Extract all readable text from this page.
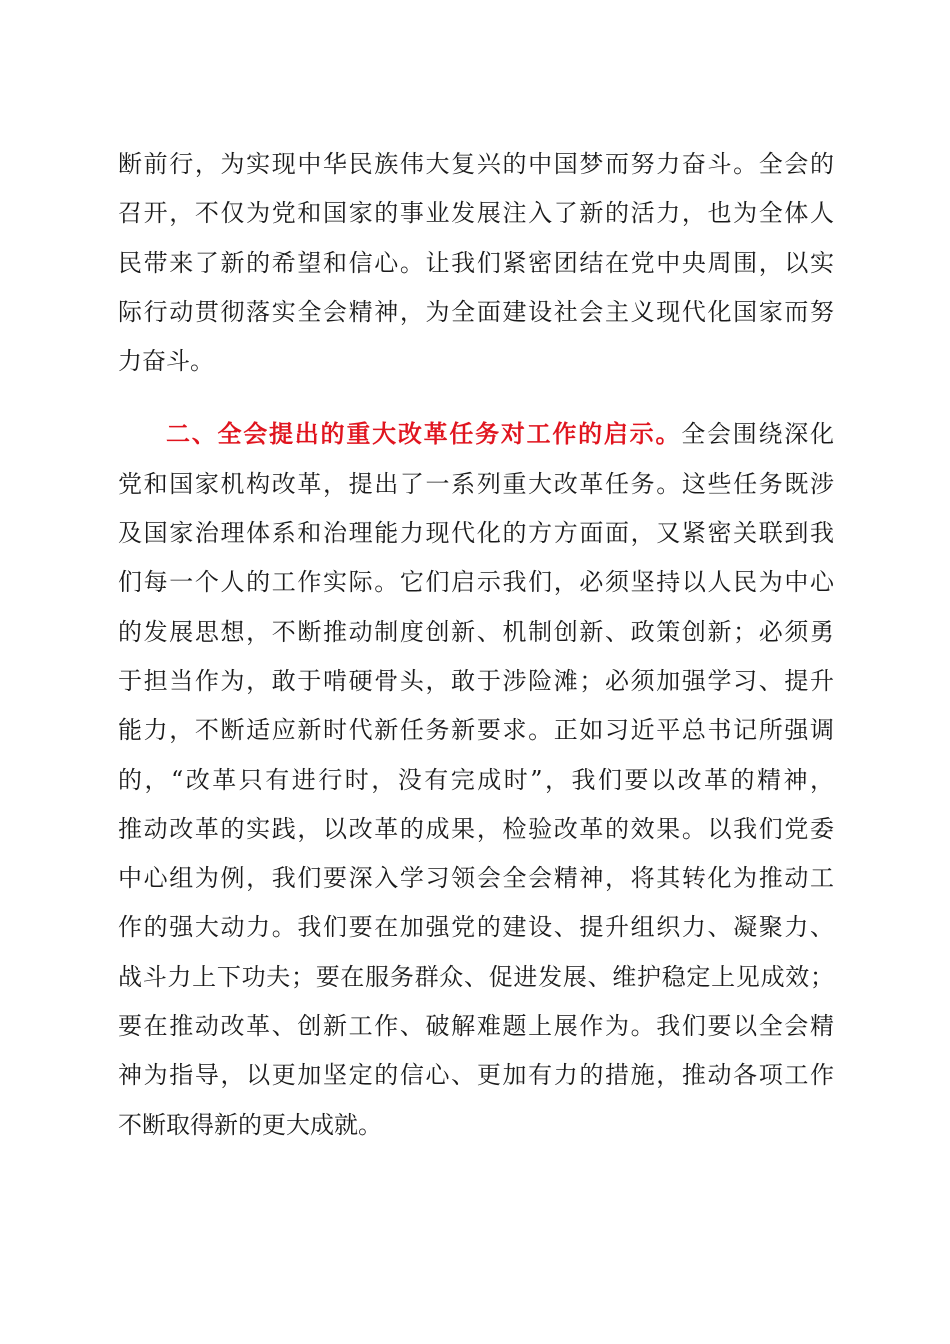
断前行，为实现中华民族伟大复兴的中国梦而努力奋斗。全会的
召开，不仅为党和国家的事业发展注入了新的活力，也为全体人
民带来了新的希望和信心。让我们紧密团结在党中央周围，以实
际行动贯彻落实全会精神，为全面建设社会主义现代化国家而努
力奋斗。
二、全会提出的重大改革任务对工作的启示。全会围绕深化
党和国家机构改革，提出了一系列重大改革任务。这些任务既涉
及国家治理体系和治理能力现代化的方方面面，又紧密关联到我
们每一个人的工作实际。它们启示我们，必须坚持以人民为中心
的发展思想，不断推动制度创新、机制创新、政策创新；必须勇
于担当作为，敢于啃硬骨头，敢于涉险滩；必须加强学习、提升
能力，不断适应新时代新任务新要求。正如习近平总书记所强调
的，“改革只有进行时，没有完成时”，我们要以改革的精神，
推动改革的实践，以改革的成果，检验改革的效果。以我们党委
中心组为例，我们要深入学习领会全会精神，将其转化为推动工
作的强大动力。我们要在加强党的建设、提升组织力、凝聚力、
战斗力上下功夫；要在服务群众、促进发展、维护稳定上见成效；
要在推动改革、创新工作、破解难题上展作为。我们要以全会精
神为指导，以更加坚定的信心、更加有力的措施，推动各项工作
不断取得新的更大成就。
